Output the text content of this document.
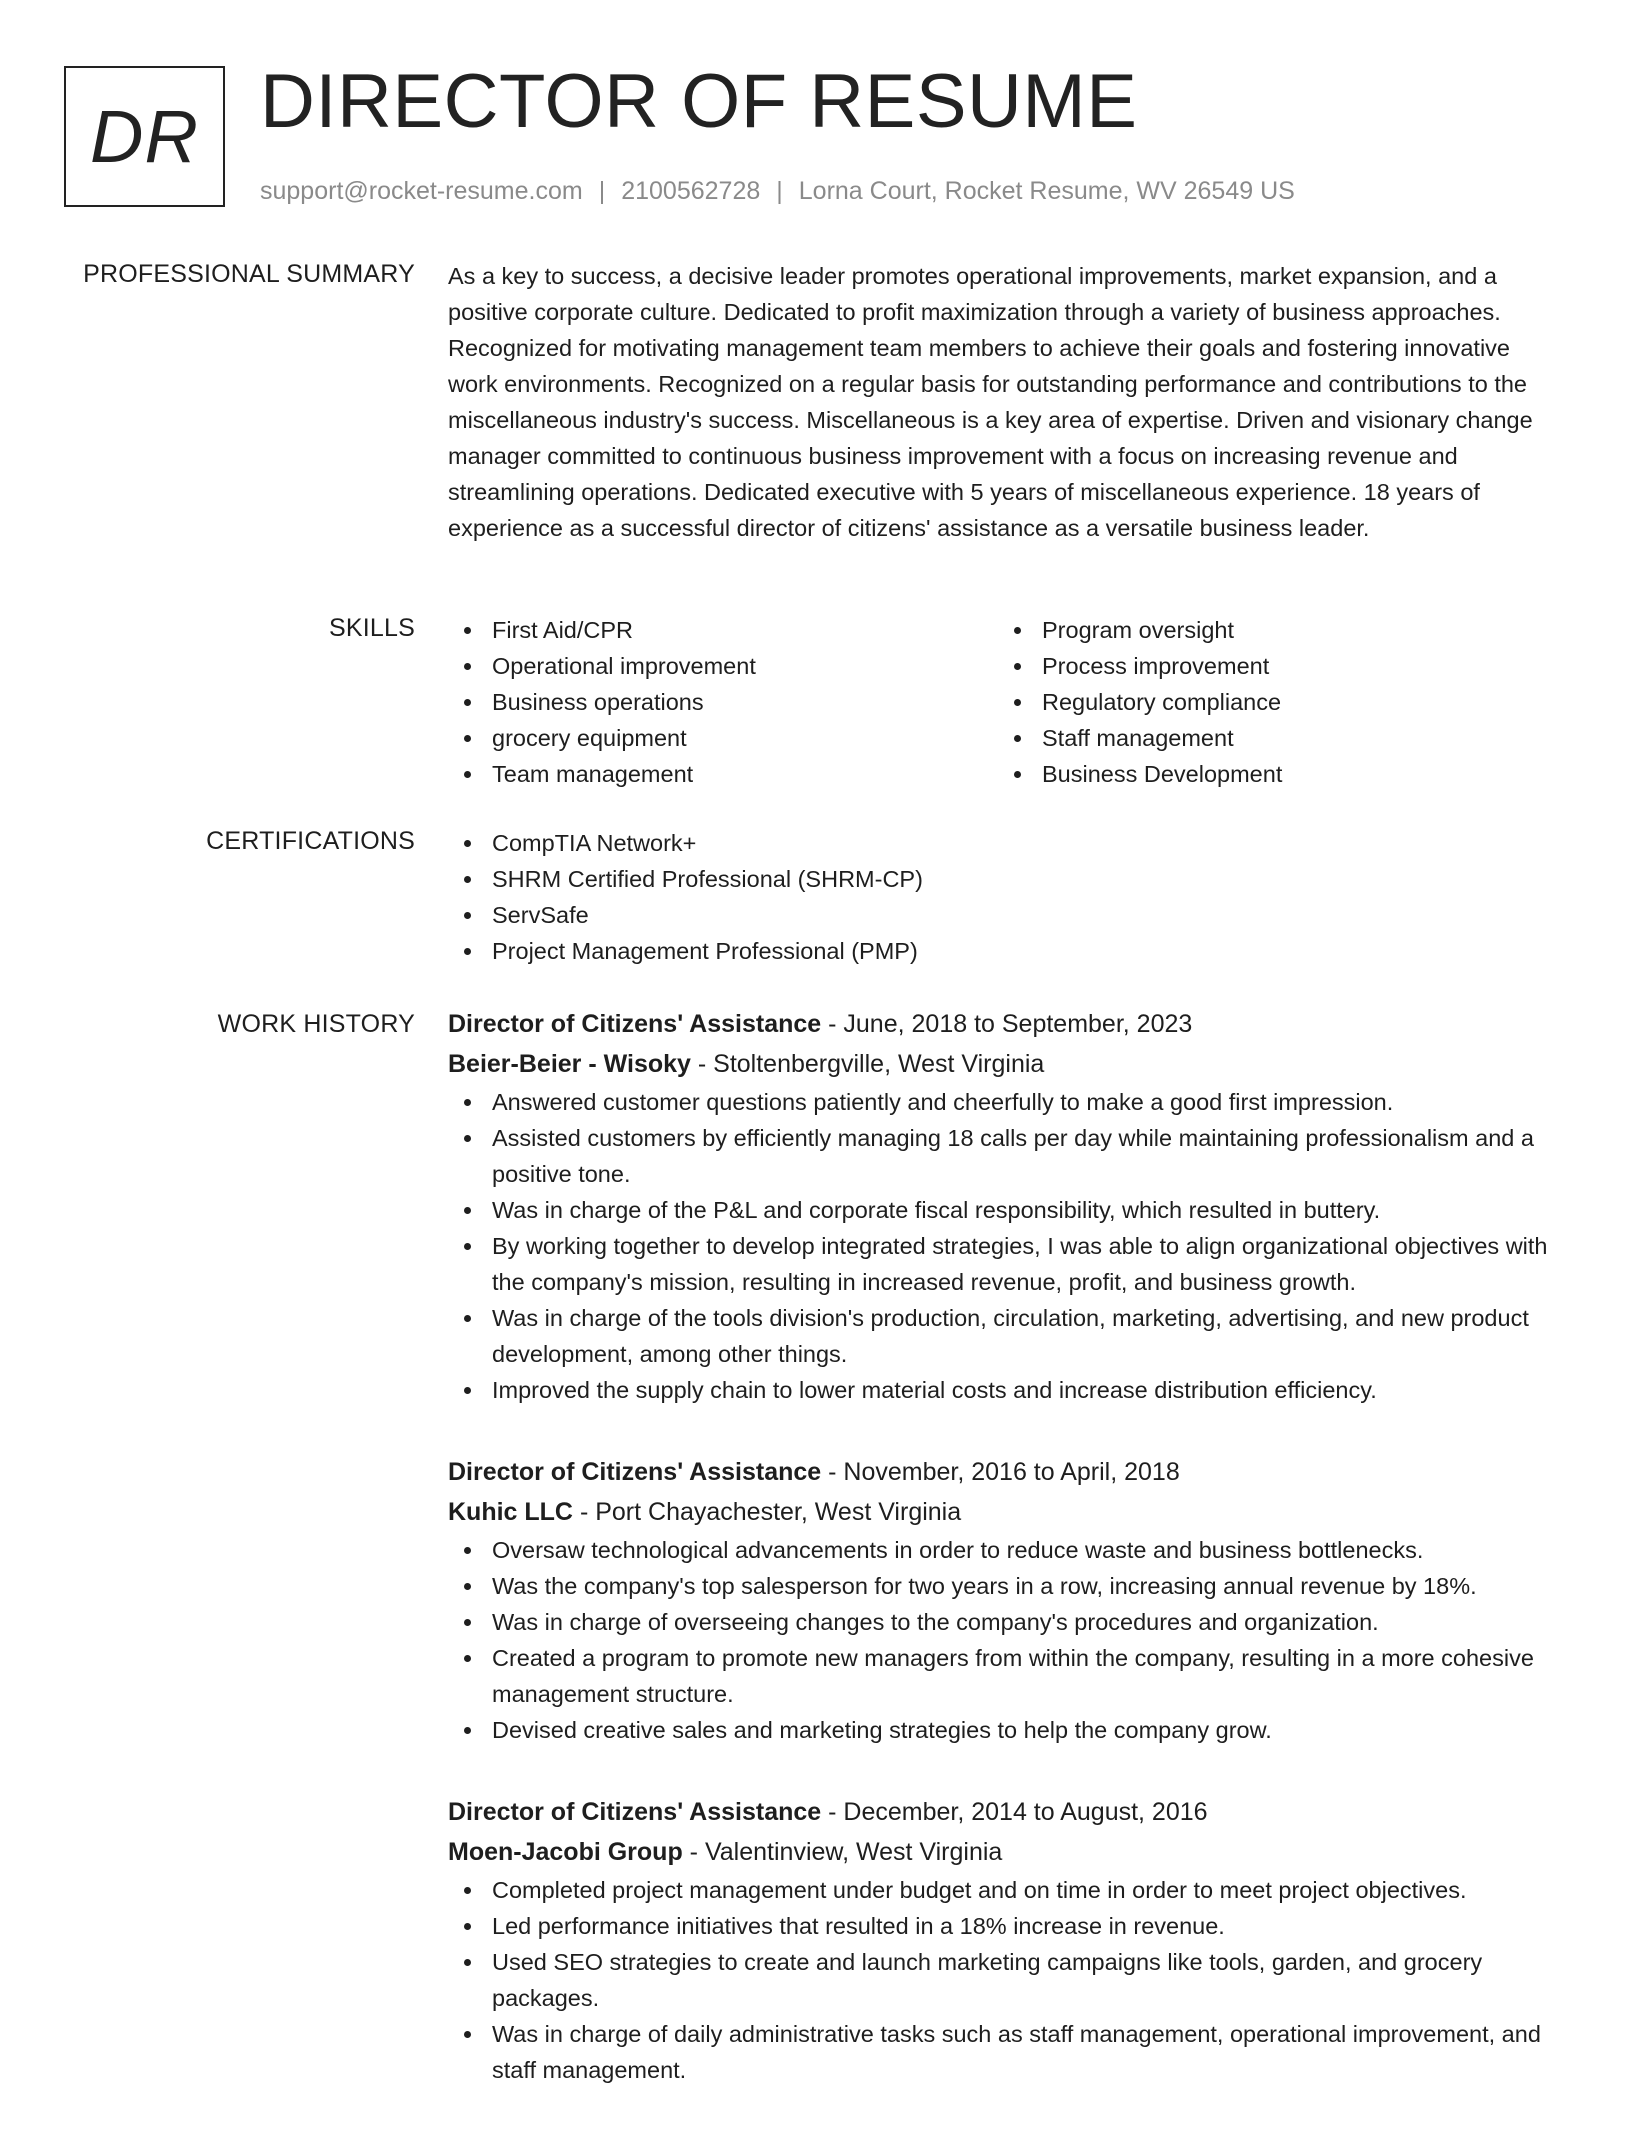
DR DIRECTOR OF RESUME
support@rocket-resume.com | 2100562728 | Lorna Court, Rocket Resume, WV 26549 US
PROFESSIONAL SUMMARY As a key to success, a decisive leader promotes operational improvements, market expansion, and a positive corporate culture. Dedicated to profit maximization through a variety of business approaches. Recognized for motivating management team members to achieve their goals and fostering innovative work environments. Recognized on a regular basis for outstanding performance and contributions to the miscellaneous industry's success. Miscellaneous is a key area of expertise. Driven and visionary change manager committed to continuous business improvement with a focus on increasing revenue and streamlining operations. Dedicated executive with 5 years of miscellaneous experience. 18 years of experience as a successful director of citizens' assistance as a versatile business leader.

SKILLS	First Aid/CPR
Operational improvement
Business operations
grocery equipment
Team management
Program oversight
Process improvement
Regulatory compliance
Staff management
Business Development
CERTIFICATIONS	CompTIA Network+
SHRM Certified Professional (SHRM-CP)
ServSafe
Project Management Professional (PMP)
WORK HISTORY Director of Citizens' Assistance - June, 2018 to September, 2023
Beier-Beier - Wisoky - Stoltenbergville, West Virginia
Answered customer questions patiently and cheerfully to make a good first impression.
Assisted customers by efficiently managing 18 calls per day while maintaining professionalism and a positive tone.
Was in charge of the P&L and corporate fiscal responsibility, which resulted in buttery.
By working together to develop integrated strategies, I was able to align organizational objectives with the company's mission, resulting in increased revenue, profit, and business growth.
Was in charge of the tools division's production, circulation, marketing, advertising, and new product development, among other things.
Improved the supply chain to lower material costs and increase distribution efficiency.
Director of Citizens' Assistance - November, 2016 to April, 2018
Kuhic LLC - Port Chayachester, West Virginia
Oversaw technological advancements in order to reduce waste and business bottlenecks.
Was the company's top salesperson for two years in a row, increasing annual revenue by 18%.
Was in charge of overseeing changes to the company's procedures and organization.
Created a program to promote new managers from within the company, resulting in a more cohesive management structure.
Devised creative sales and marketing strategies to help the company grow.
Director of Citizens' Assistance - December, 2014 to August, 2016
Moen-Jacobi Group - Valentinview, West Virginia
Completed project management under budget and on time in order to meet project objectives.
Led performance initiatives that resulted in a 18% increase in revenue.
Used SEO strategies to create and launch marketing campaigns like tools, garden, and grocery packages.
Was in charge of daily administrative tasks such as staff management, operational improvement, and staff management.
